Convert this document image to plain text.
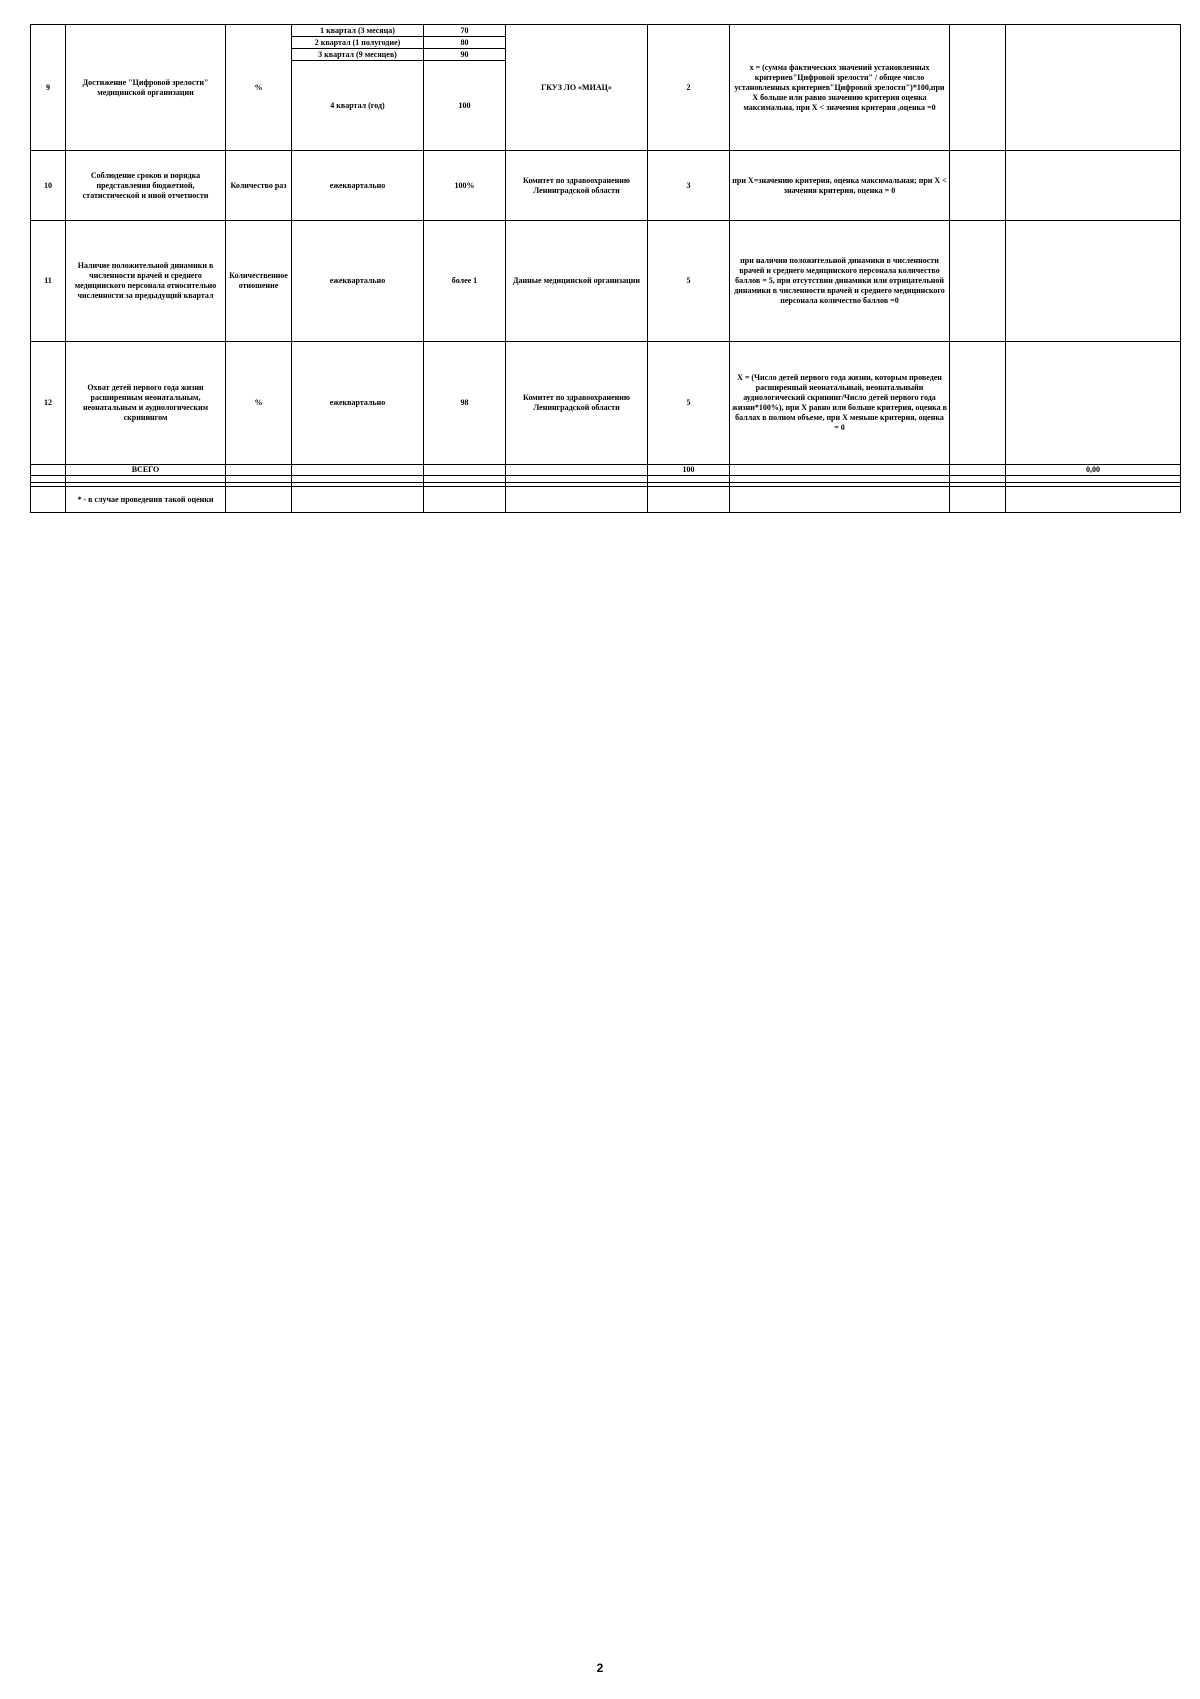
9	Достижение "Цифровой зрелости" медицинской организации	%	1 квартал (3 месяца)	70	ГКУЗ ЛО «МИАЦ»	2	х = (сумма фактических значений установленных критериев"Цифровой зрелости" / общее число установленных критериев"Цифровой зрелости")*100,при Х больше или равно значению критерия оценка максимальна, при Х < значения критерия ,оценка =0		
			2 квартал (1 полугодие)	80					
			3 квартал (9 месяцев)	90					
			4 квартал (год)	100					
10	Соблюдение сроков и порядка представления бюджетной, статистической и иной отчетности	Количество раз	ежеквартально	100%	Комитет по здравоохранению Ленинградской области	3	при Х=значению критерия, оценка максимальная; при Х < значения критерия, оценка = 0		
11	Наличие положительной динамики в численности врачей и среднего медицинского персонала относительно численности за предыдущий квартал	Количественное отношение	ежеквартально	более 1	Данные медицинской организации	5	при наличии положительной динамики в численности врачей и среднего медицинского персонала количество баллов = 5, при отсутствии динамики или отрицательной динамики в численности врачей и среднего медицинского персонала количество баллов =0		
12	Охват детей первого года жизни расширенным неонатальным, неонатальным и аудиологическим скринингом	%	ежеквартально	98	Комитет по здравоохранению Ленинградской области	5	Х = (Число детей первого года жизни, которым проведен расширенный неонатальный, неонатальныйи аудиологический скрининг/Число детей первого года жизни*100%), при Х равно или больше критерия, оценка в баллах в полном объеме, при Х меньше критерия, оценка = 0		
	ВСЕГО					100			0,00

	* - в случае проведения такой оценки								
2
